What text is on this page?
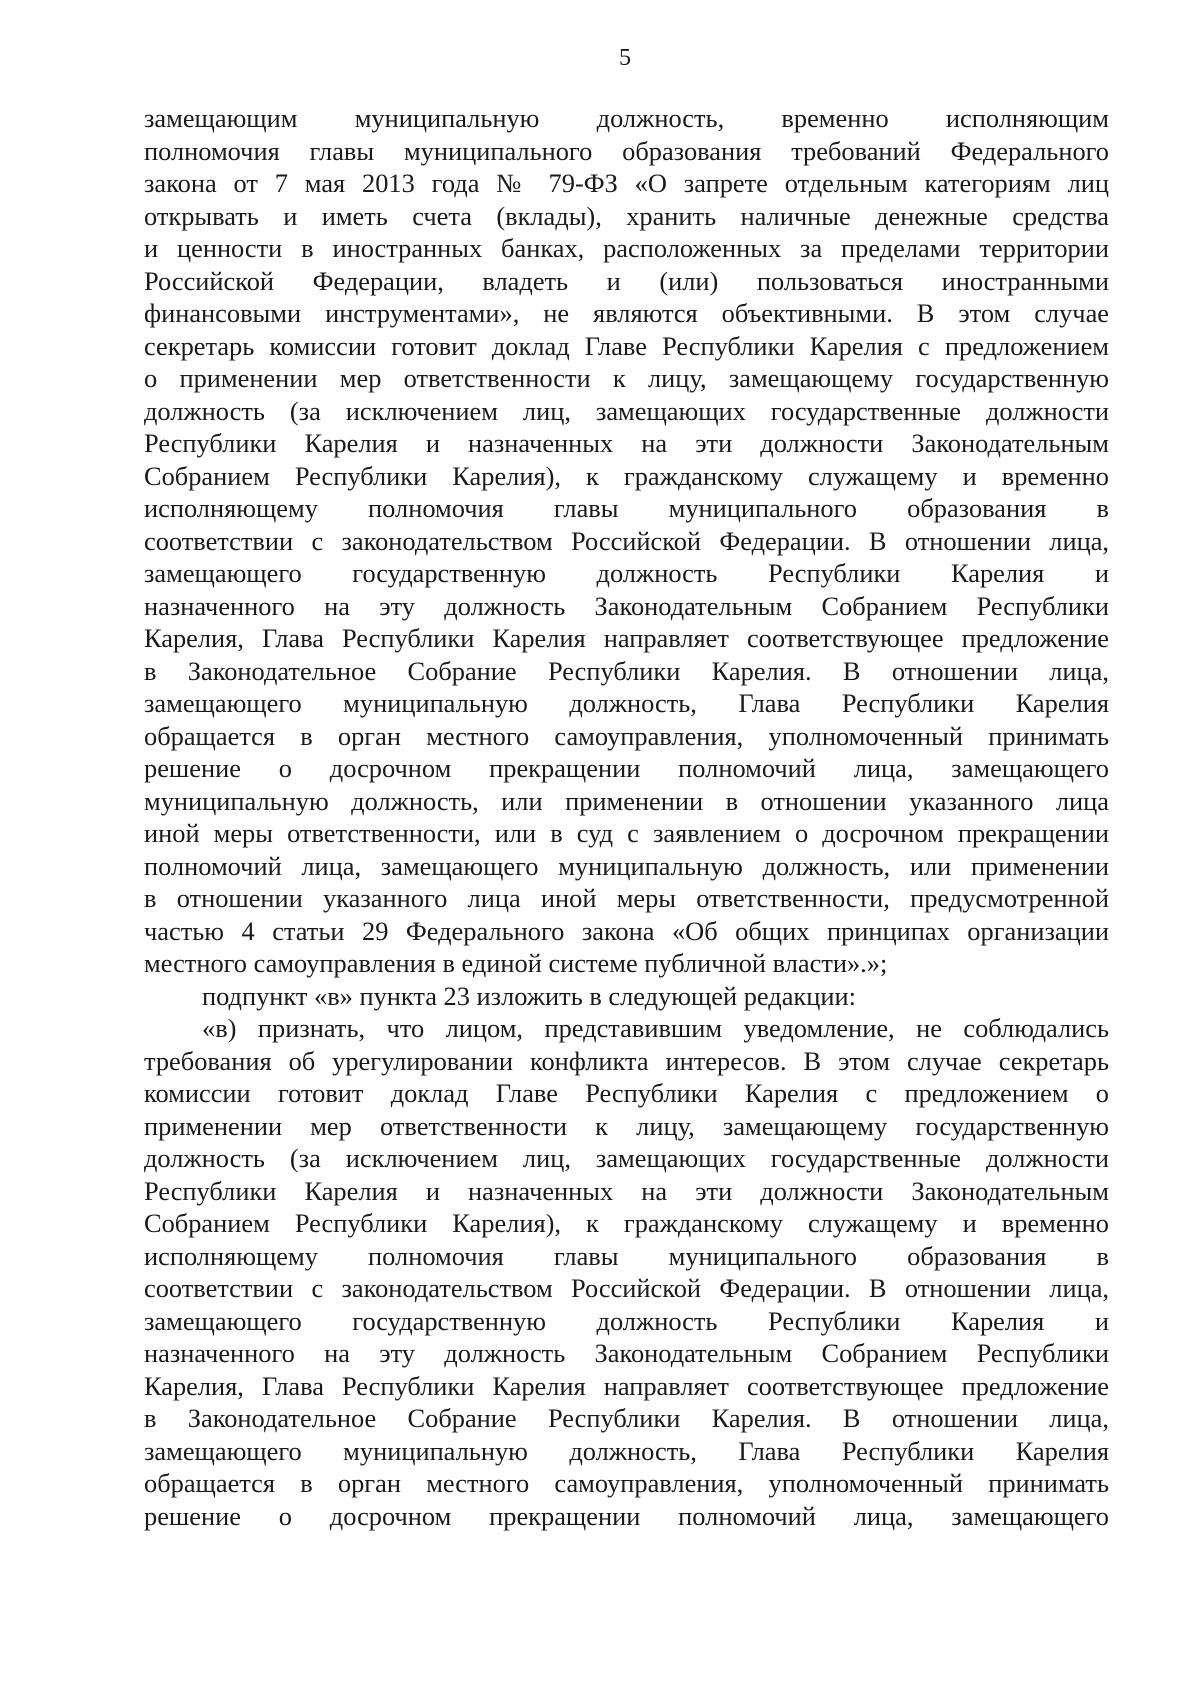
5
замещающим муниципальную должность, временно исполняющим
полномочия главы муниципального образования требований Федерального
закона от 7 мая 2013 года № 79-ФЗ «О запрете отдельным категориям лиц
открывать и иметь счета (вклады), хранить наличные денежные средства
и ценности в иностранных банках, расположенных за пределами территории
Российской Федерации, владеть и (или) пользоваться иностранными
финансовыми инструментами», не являются объективными. В этом случае
секретарь комиссии готовит доклад Главе Республики Карелия с предложением
о применении мер ответственности к лицу, замещающему государственную
должность (за исключением лиц, замещающих государственные должности
Республики Карелия и назначенных на эти должности Законодательным
Собранием Республики Карелия), к гражданскому служащему и временно
исполняющему полномочия главы муниципального образования в
соответствии с законодательством Российской Федерации. В отношении лица,
замещающего государственную должность Республики Карелия и
назначенного на эту должность Законодательным Собранием Республики
Карелия, Глава Республики Карелия направляет соответствующее предложение
в Законодательное Собрание Республики Карелия. В отношении лица,
замещающего муниципальную должность, Глава Республики Карелия
обращается в орган местного самоуправления, уполномоченный принимать
решение о досрочном прекращении полномочий лица, замещающего
муниципальную должность, или применении в отношении указанного лица
иной меры ответственности, или в суд с заявлением о досрочном прекращении
полномочий лица, замещающего муниципальную должность, или применении
в отношении указанного лица иной меры ответственности, предусмотренной
частью 4 статьи 29 Федерального закона «Об общих принципах организации
местного самоуправления в единой системе публичной власти».»;
подпункт «в» пункта 23 изложить в следующей редакции:
«в) признать, что лицом, представившим уведомление, не соблюдались
требования об урегулировании конфликта интересов. В этом случае секретарь
комиссии готовит доклад Главе Республики Карелия с предложением о
применении мер ответственности к лицу, замещающему государственную
должность (за исключением лиц, замещающих государственные должности
Республики Карелия и назначенных на эти должности Законодательным
Собранием Республики Карелия), к гражданскому служащему и временно
исполняющему полномочия главы муниципального образования в
соответствии с законодательством Российской Федерации. В отношении лица,
замещающего государственную должность Республики Карелия и
назначенного на эту должность Законодательным Собранием Республики
Карелия, Глава Республики Карелия направляет соответствующее предложение
в Законодательное Собрание Республики Карелия. В отношении лица,
замещающего муниципальную должность, Глава Республики Карелия
обращается в орган местного самоуправления, уполномоченный принимать
решение о досрочном прекращении полномочий лица, замещающего
